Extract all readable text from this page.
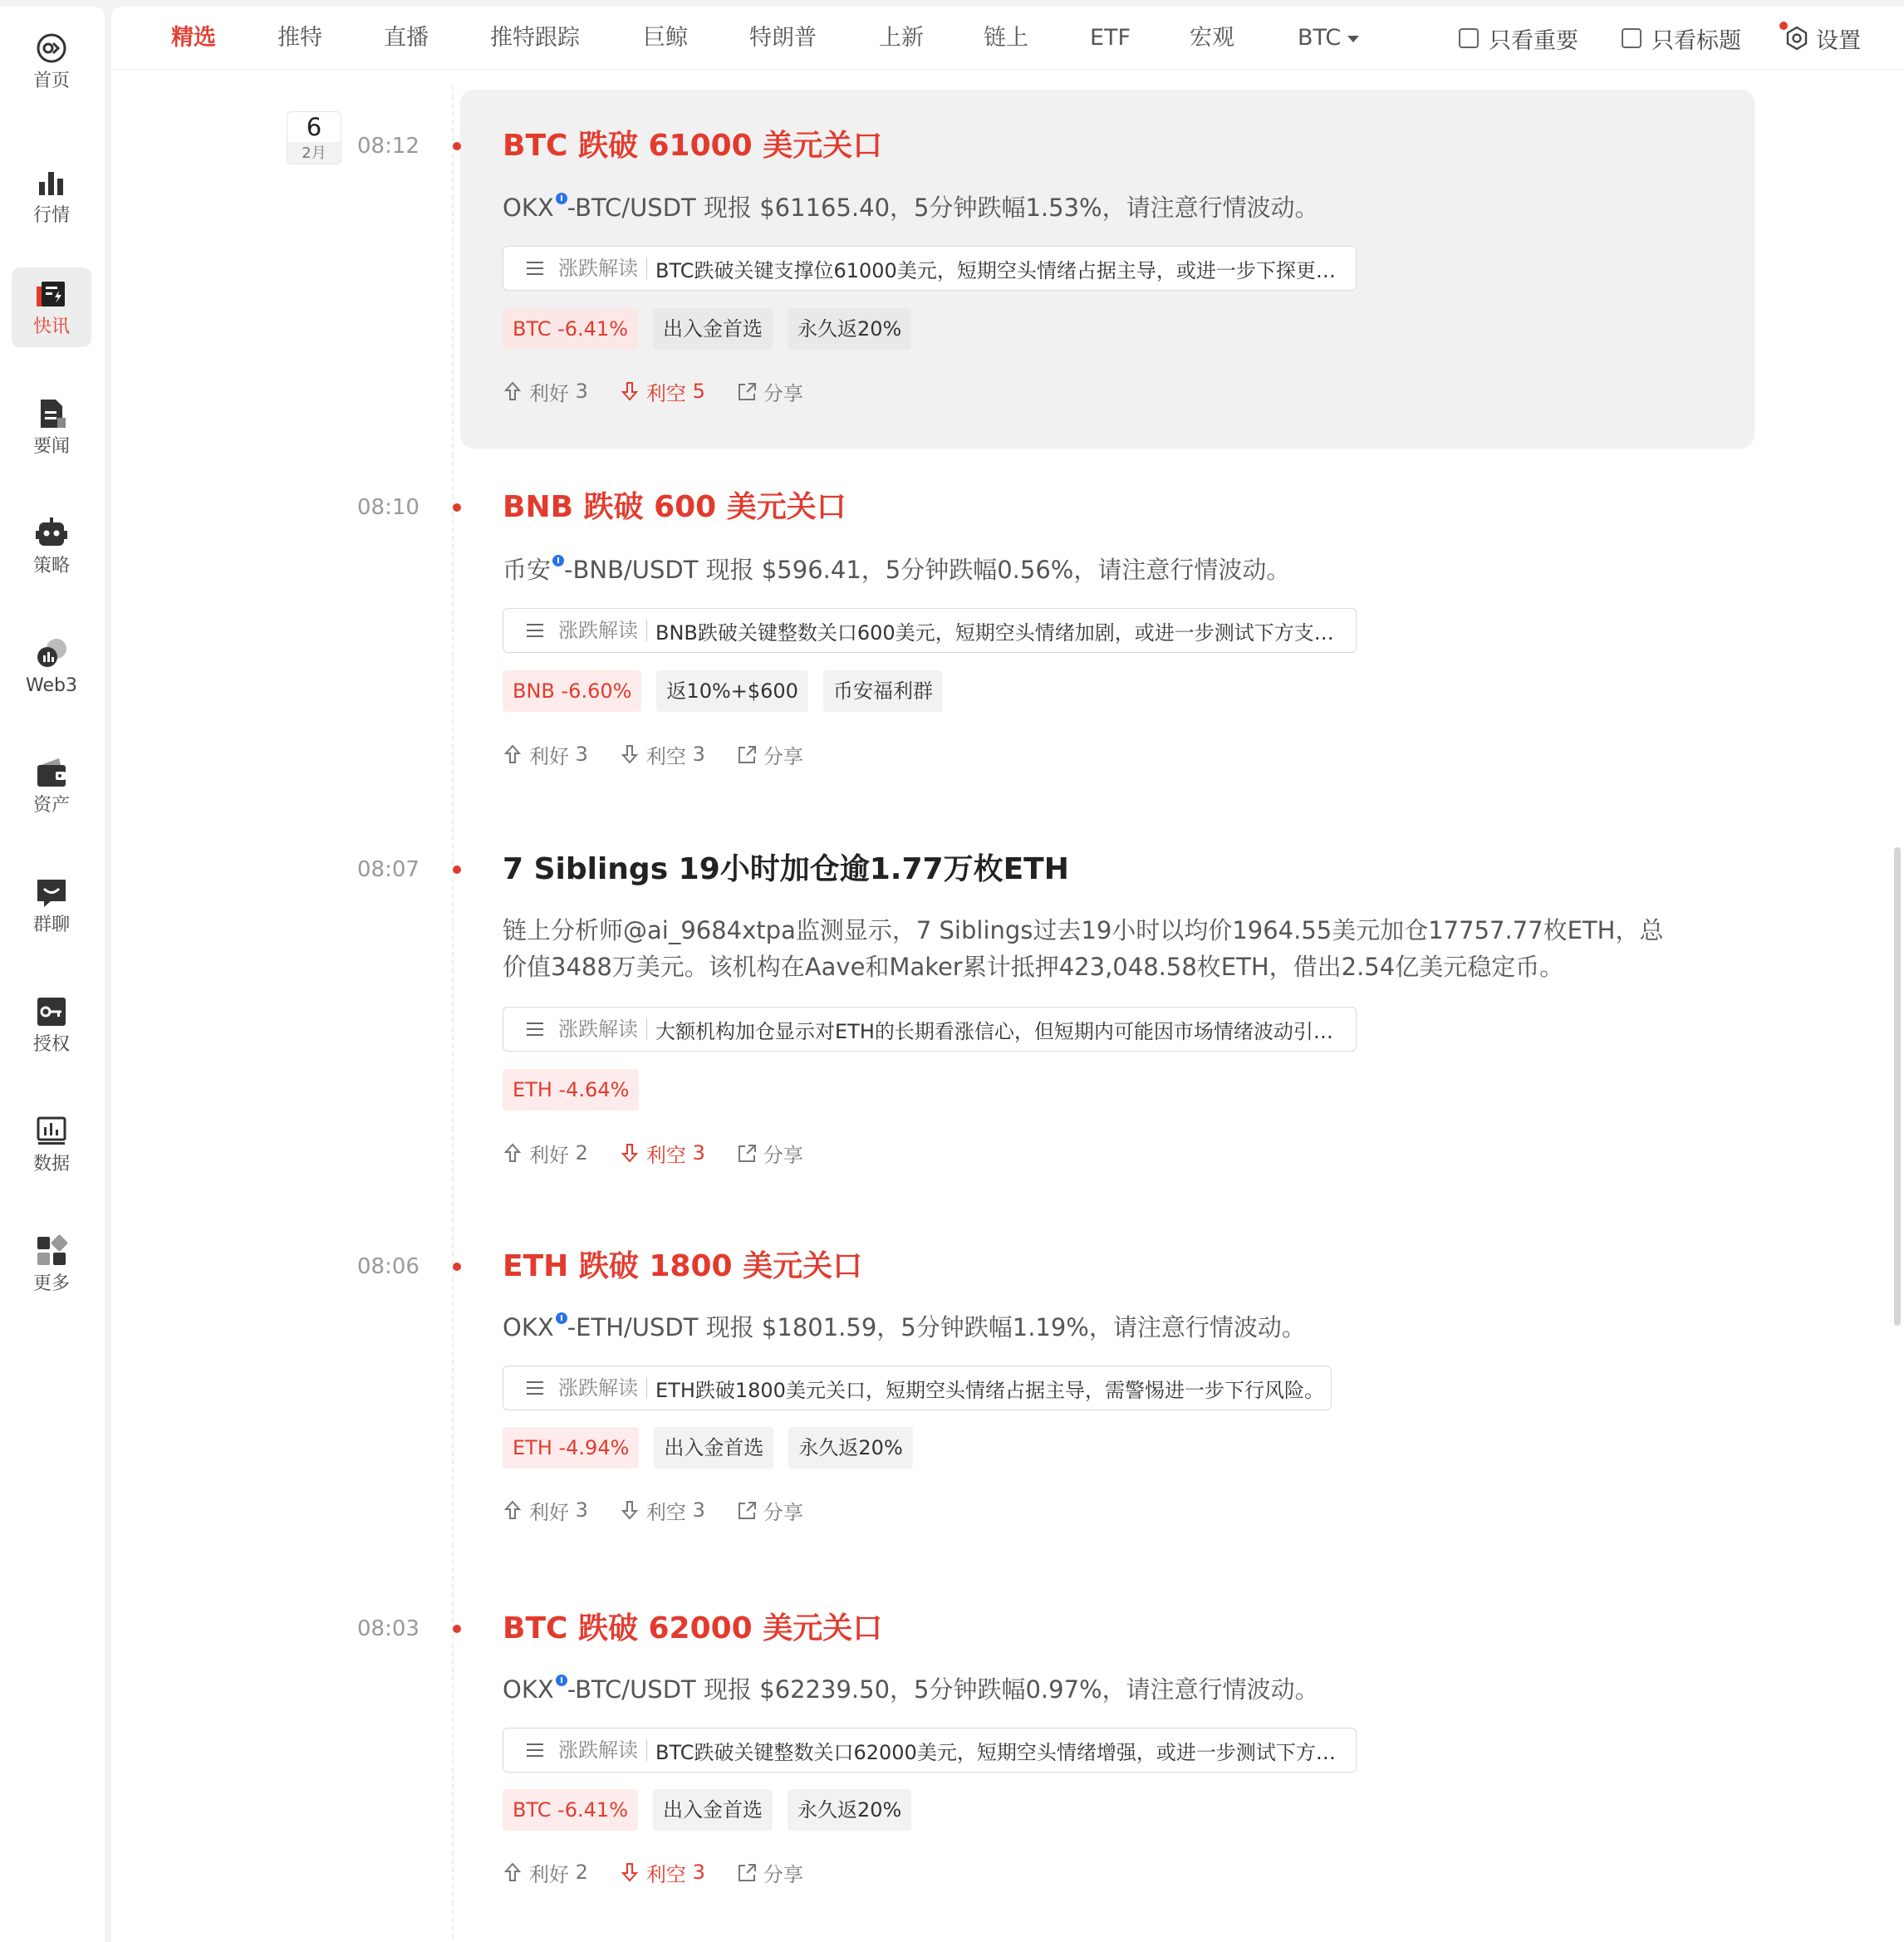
首页
行情
快讯
要闻
策略
Web3
资产
群聊
授权
数据
更多
精选	推特	直播	推特跟踪	巨鲸	特朗普	上新	链上	ETF	宏观	BTC	只看重要	只看标题	设置
6
2月	08:12	BTC 跌破 61000 美元关口

OKX -BTC/USDT 现报 $61165.40，5分钟跌幅1.53%，请注意行情波动。

涨跌解读 BTC跌破关键支撑位61000美元，短期空头情绪占据主导，或进一步下探更…
BTC -6.41%	出入金首选	永久返20%
利好
3	利空
5	分享
08:10	BNB 跌破 600 美元关口

币安 -BNB/USDT 现报 $596.41，5分钟跌幅0.56%，请注意行情波动。

涨跌解读 BNB跌破关键整数关口600美元，短期空头情绪加剧，或进一步测试下方支…
BNB -6.60%	返10%+$600	币安福利群
利好
3	利空
3	分享
08:07	7 Siblings 19小时加仓逾1.77万枚ETH

链上分析师@ai_9684xtpa监测显示，7 Siblings过去19小时以均价1964.55美元加仓17757.77枚ETH，总价值3488万美元。该机构在Aave和Maker累计抵押423,048.58枚ETH，借出2.54亿美元稳定币。

涨跌解读 大额机构加仓显示对ETH的长期看涨信心，但短期内可能因市场情绪波动引…
ETH -4.64%
利好
2	利空
3	分享
08:06	ETH 跌破 1800 美元关口

OKX -ETH/USDT 现报 $1801.59，5分钟跌幅1.19%，请注意行情波动。

涨跌解读 ETH跌破1800美元关口，短期空头情绪占据主导，需警惕进一步下行风险。
ETH -4.94%	出入金首选	永久返20%
利好
3	利空
3	分享
08:03	BTC 跌破 62000 美元关口

OKX -BTC/USDT 现报 $62239.50，5分钟跌幅0.97%，请注意行情波动。

涨跌解读 BTC跌破关键整数关口62000美元，短期空头情绪增强，或进一步测试下方…
BTC -6.41%	出入金首选	永久返20%
利好
2	利空
3	分享
